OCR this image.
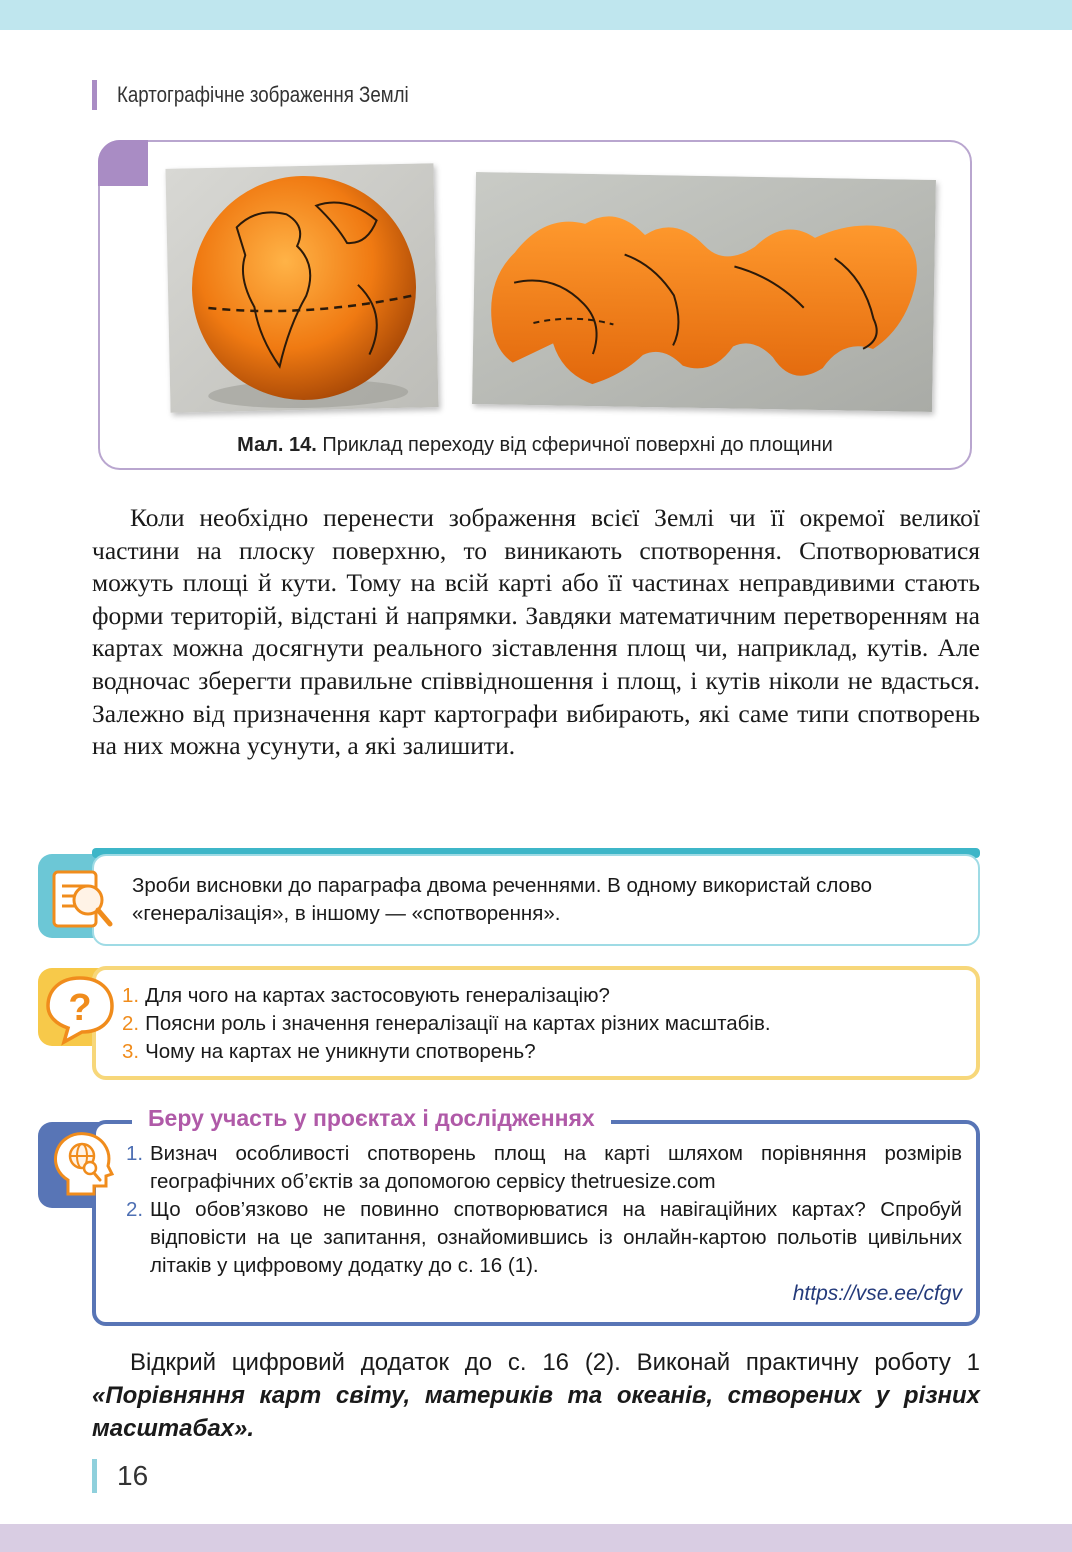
Картографічне зображення Землі
Мал. 14. Приклад переходу від сферичної поверхні до площини

Коли необхідно перенести зображення всієї Землі чи її окремої великої частини на плоску поверхню, то виникають спотворення. Спотворюватися можуть площі й кути. Тому на всій карті або її частинах неправдивими стають форми територій, відстані й напрямки. Завдяки математичним перетворенням на картах можна досягнути реального зіставлення площ чи, наприклад, кутів. Але водночас зберегти правильне співвідношення і площ, і кутів ніколи не вдасться. Залежно від призначення карт картографи вибирають, які саме типи спотворень на них можна усунути, а які залишити.

Зроби висновки до параграфа двома реченнями. В одному використай слово «генералізація», в іншому — «спотворення».
? 1. Для чого на картах застосовують генералізацію?
2. Поясни роль і значення генералізації на картах різних масштабів.
3. Чому на картах не уникнути спотворень?
Беру участь у проєктах і дослідженнях
1. Визнач особливості спотворень площ на карті шляхом порівняння розмірів географічних об’єктів за допомогою сервісу thetruesize.com
2. Що обов’язково не повинно спотворюватися на навігаційних картах? Спробуй відповісти на це запитання, ознайомившись із онлайн-картою польотів цивільних літаків у цифровому додатку до с. 16 (1).
https://vse.ee/cfgv

Відкрий цифровий додаток до с. 16 (2). Виконай практичну роботу 1 «Порівняння карт світу, материків та океанів, створених у різних масштабах».

16
